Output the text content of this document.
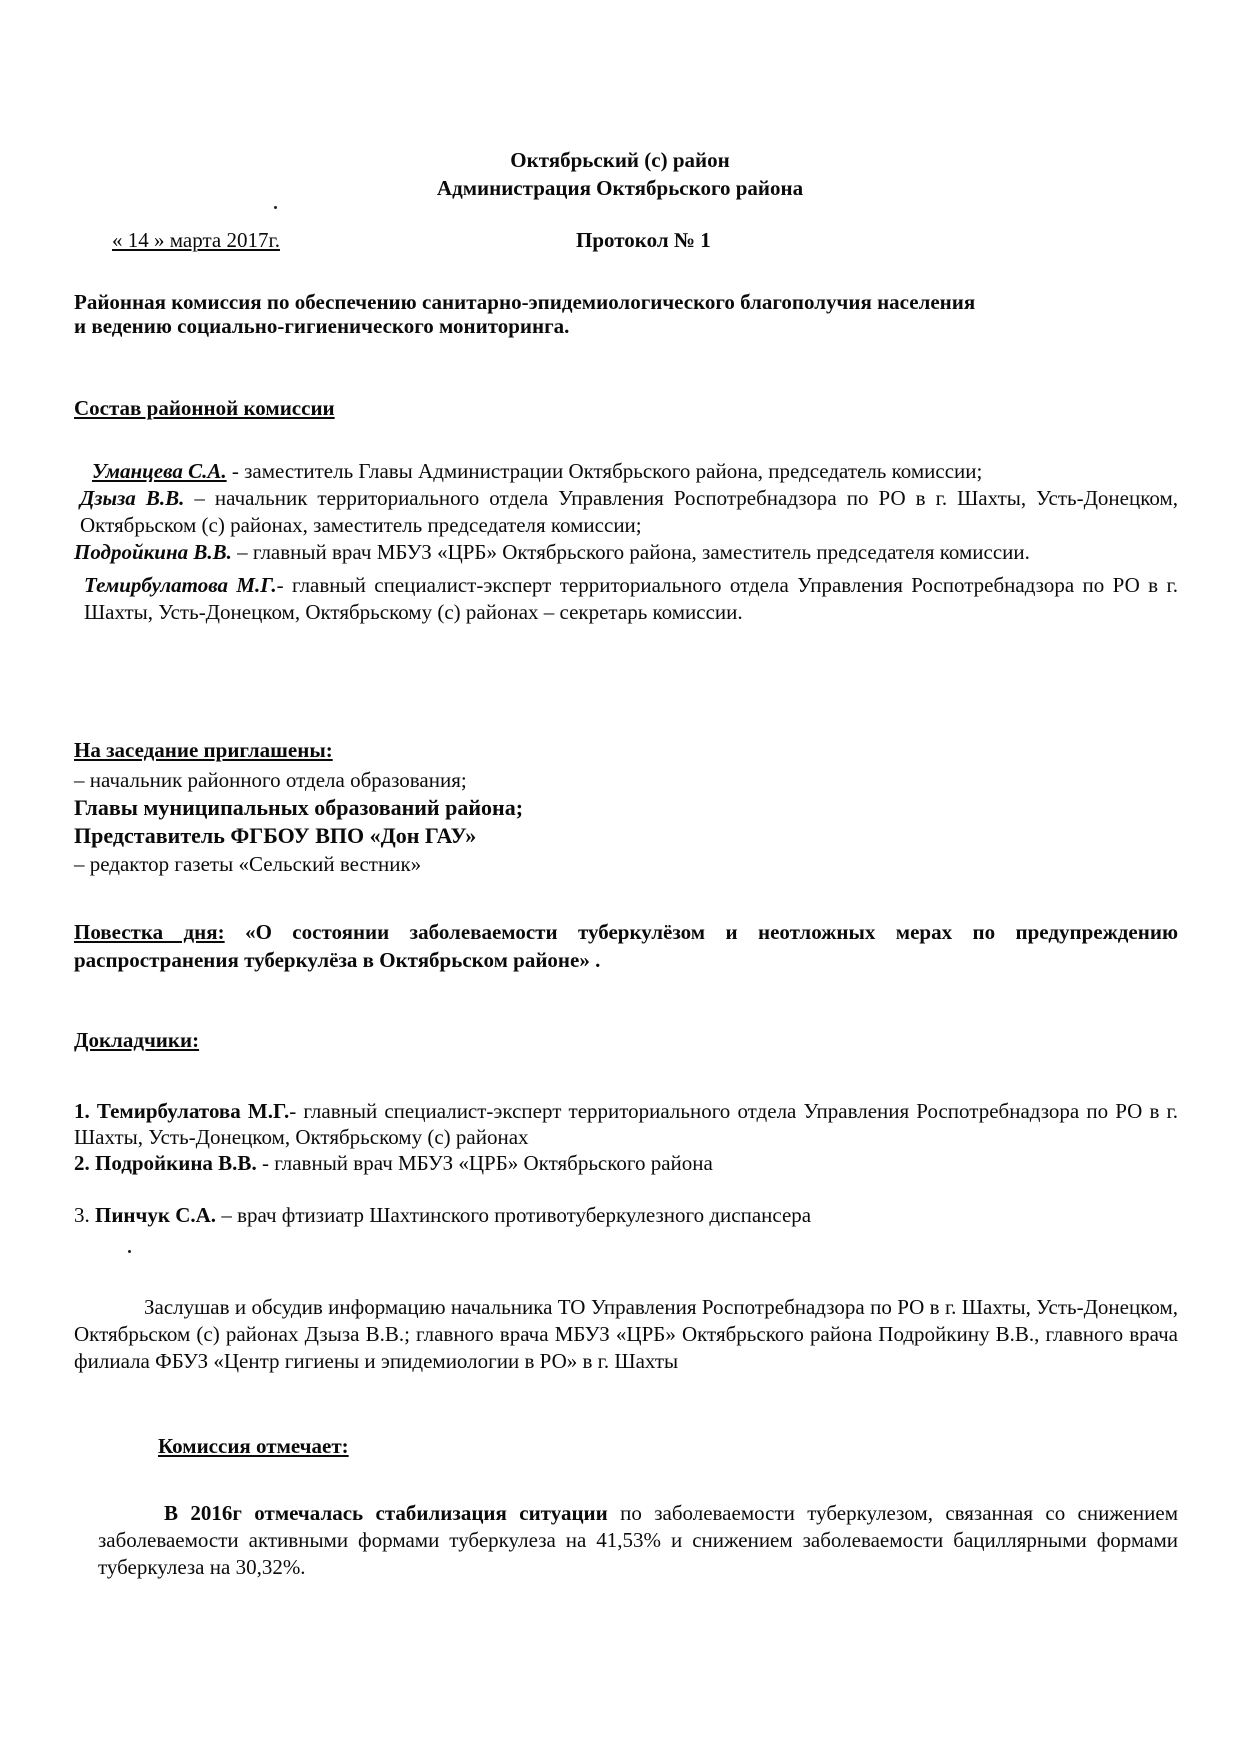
Октябрьский (с) район
Администрация Октябрьского района
« 14 » марта 2017г.	Протокол № 1
Районная комиссия по обеспечению санитарно-эпидемиологического благополучия населения
и ведению социально-гигиенического мониторинга.
Состав районной комиссии
Уманцева С.А. - заместитель Главы Администрации Октябрьского района, председатель комиссии;
Дзыза В.В. – начальник территориального отдела Управления Роспотребнадзора по РО в г. Шахты, Усть-Донецком, Октябрьском (с) районах, заместитель председателя комиссии;
Подройкина В.В. – главный врач МБУЗ «ЦРБ» Октябрьского района, заместитель председателя комиссии.
Темирбулатова М.Г.- главный специалист-эксперт территориального отдела Управления Роспотребнадзора по РО в г. Шахты, Усть-Донецком, Октябрьскому (с) районах – секретарь комиссии.
На заседание приглашены:
– начальник районного отдела образования;
Главы муниципальных образований района;
Представитель ФГБОУ ВПО «Дон ГАУ»
– редактор газеты «Сельский вестник»
Повестка дня: «О состоянии заболеваемости туберкулёзом и неотложных мерах по предупреждению распространения туберкулёза в Октябрьском районе» .
Докладчики:
1. Темирбулатова М.Г.- главный специалист-эксперт территориального отдела Управления Роспотребнадзора по РО в г. Шахты, Усть-Донецком, Октябрьскому (с) районах
2. Подройкина В.В. - главный врач МБУЗ «ЦРБ» Октябрьского района
3. Пинчук С.А. – врач фтизиатр Шахтинского противотуберкулезного диспансера
Заслушав и обсудив информацию начальника ТО Управления Роспотребнадзора по РО в г. Шахты, Усть-Донецком, Октябрьском (с) районах Дзыза В.В.; главного врача МБУЗ «ЦРБ» Октябрьского района Подройкину В.В., главного врача филиала ФБУЗ «Центр гигиены и эпидемиологии в РО» в г. Шахты
Комиссия отмечает:
В 2016г отмечалась стабилизация ситуации по заболеваемости туберкулезом, связанная со снижением заболеваемости активными формами туберкулеза на 41,53% и снижением заболеваемости бациллярными формами туберкулеза на 30,32%.
